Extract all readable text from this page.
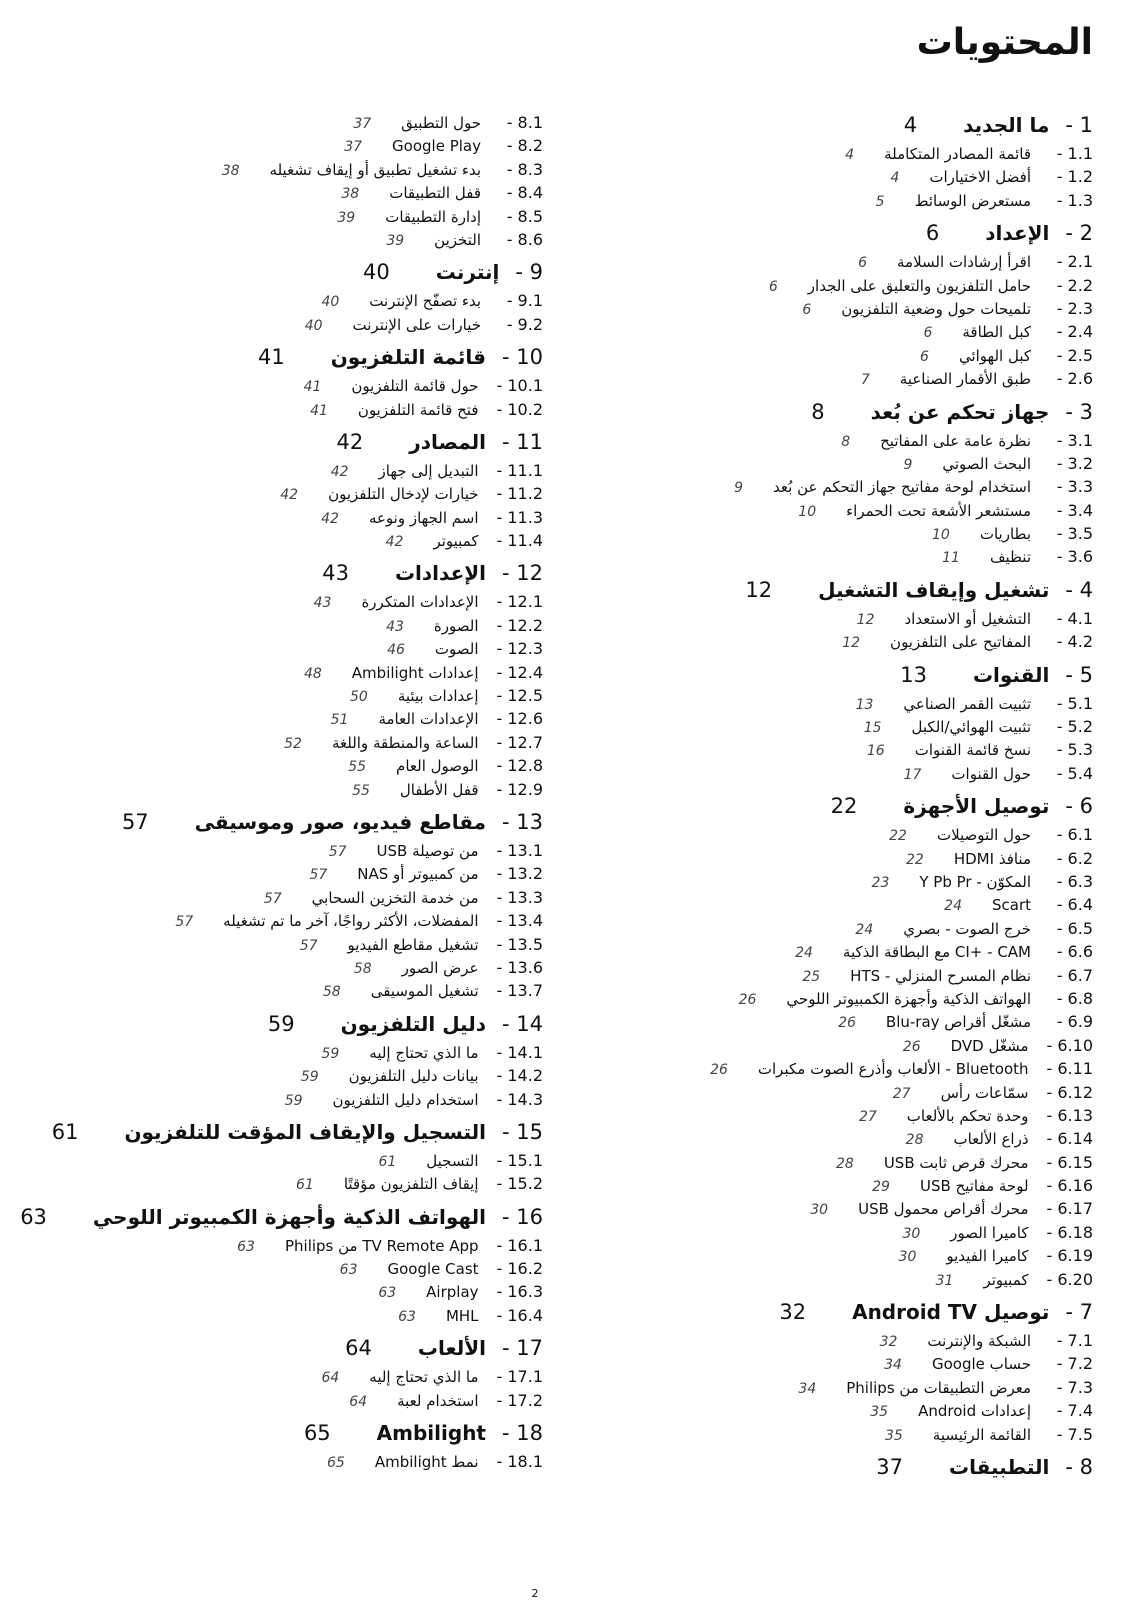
المحتويات
1 -
ما الجديد
4
1.1 -
قائمة المصادر المتكاملة
4
1.2 -
أفضل الاختيارات
4
1.3 -
مستعرض الوسائط
5
2 -
الإعداد
6
2.1 -
اقرأ إرشادات السلامة
6
2.2 -
حامل التلفزيون والتعليق على الجدار
6
2.3 -
تلميحات حول وضعية التلفزيون
6
2.4 -
كبل الطاقة
6
2.5 -
كبل الهوائي
6
2.6 -
طبق الأقمار الصناعية
7
3 -
جهاز تحكم عن بُعد
8
3.1 -
نظرة عامة على المفاتيح
8
3.2 -
البحث الصوتي
9
3.3 -
استخدام لوحة مفاتيح جهاز التحكم عن بُعد
9
3.4 -
مستشعر الأشعة تحت الحمراء
10
3.5 -
بطاريات
10
3.6 -
تنظيف
11
4 -
تشغيل وإيقاف التشغيل
12
4.1 -
التشغيل أو الاستعداد
12
4.2 -
المفاتيح على التلفزيون
12
5 -
القنوات
13
5.1 -
تثبيت القمر الصناعي
13
5.2 -
تثبيت الهوائي/الكبل
15
5.3 -
نسخ قائمة القنوات
16
5.4 -
حول القنوات
17
6 -
توصيل الأجهزة
22
6.1 -
حول التوصيلات
22
6.2 -
منافذ HDMI
22
6.3 -
المكوّن - Y Pb Pr
23
6.4 -
Scart
24
6.5 -
خرج الصوت - بصري
24
6.6 -
CI+ - CAM مع البطاقة الذكية
24
6.7 -
نظام المسرح المنزلي - HTS
25
6.8 -
الهواتف الذكية وأجهزة الكمبيوتر اللوحي
26
6.9 -
مشغّل أقراص Blu-ray
26
6.10 -
مشغّل DVD
26
6.11 -
Bluetooth - الألعاب وأذرع الصوت مكبرات
26
6.12 -
سمّاعات رأس
27
6.13 -
وحدة تحكم بالألعاب
27
6.14 -
ذراع الألعاب
28
6.15 -
محرك قرص ثابت USB
28
6.16 -
لوحة مفاتيح USB
29
6.17 -
محرك أقراص محمول USB
30
6.18 -
كاميرا الصور
30
6.19 -
كاميرا الفيديو
30
6.20 -
كمبيوتر
31
7 -
توصيل Android TV
32
7.1 -
الشبكة والإنترنت
32
7.2 -
حساب Google
34
7.3 -
معرض التطبيقات من Philips
34
7.4 -
إعدادات Android
35
7.5 -
القائمة الرئيسية
35
8 -
التطبيقات
37
8.1 -
حول التطبيق
37
8.2 -
Google Play
37
8.3 -
بدء تشغيل تطبيق أو إيقاف تشغيله
38
8.4 -
قفل التطبيقات
38
8.5 -
إدارة التطبيقات
39
8.6 -
التخزين
39
9 -
إنترنت
40
9.1 -
بدء تصفّح الإنترنت
40
9.2 -
خيارات على الإنترنت
40
10 -
قائمة التلفزيون
41
10.1 -
حول قائمة التلفزيون
41
10.2 -
فتح قائمة التلفزيون
41
11 -
المصادر
42
11.1 -
التبديل إلى جهاز
42
11.2 -
خيارات لإدخال التلفزيون
42
11.3 -
اسم الجهاز ونوعه
42
11.4 -
كمبيوتر
42
12 -
الإعدادات
43
12.1 -
الإعدادات المتكررة
43
12.2 -
الصورة
43
12.3 -
الصوت
46
12.4 -
إعدادات Ambilight
48
12.5 -
إعدادات بيئية
50
12.6 -
الإعدادات العامة
51
12.7 -
الساعة والمنطقة واللغة
52
12.8 -
الوصول العام
55
12.9 -
قفل الأطفال
55
13 -
مقاطع فيديو، صور وموسيقى
57
13.1 -
من توصيلة USB
57
13.2 -
من كمبيوتر أو NAS
57
13.3 -
من خدمة التخزين السحابي
57
13.4 -
المفضلات، الأكثر رواجًا، آخر ما تم تشغيله
57
13.5 -
تشغيل مقاطع الفيديو
57
13.6 -
عرض الصور
58
13.7 -
تشغيل الموسيقى
58
14 -
دليل التلفزيون
59
14.1 -
ما الذي تحتاج إليه
59
14.2 -
بيانات دليل التلفزيون
59
14.3 -
استخدام دليل التلفزيون
59
15 -
التسجيل والإيقاف المؤقت للتلفزيون
61
15.1 -
التسجيل
61
15.2 -
إيقاف التلفزيون مؤقتًا
61
16 -
الهواتف الذكية وأجهزة الكمبيوتر اللوحي
63
16.1 -
TV Remote App من Philips
63
16.2 -
Google Cast
63
16.3 -
Airplay
63
16.4 -
MHL
63
17 -
الألعاب
64
17.1 -
ما الذي تحتاج إليه
64
17.2 -
استخدام لعبة
64
18 -
Ambilight
65
18.1 -
نمط Ambilight
65

2
